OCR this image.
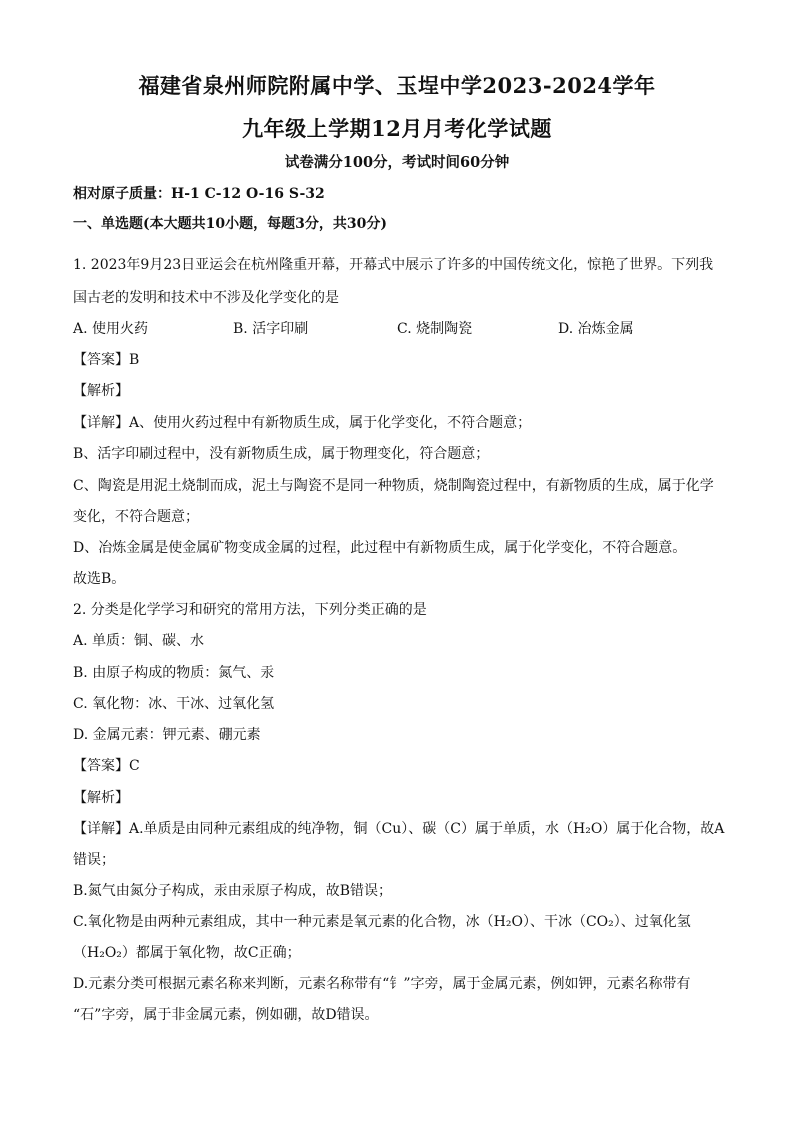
福建省泉州师院附属中学、玉埕中学2023-2024学年
九年级上学期12月月考化学试题
试卷满分100分，考试时间60分钟
相对原子质量：H-1 C-12 O-16 S-32
一、单选题(本大题共10小题，每题3分，共30分)
1. 2023年9月23日亚运会在杭州隆重开幕，开幕式中展示了许多的中国传统文化，惊艳了世界。下列我
国古老的发明和技术中不涉及化学变化的是
A. 使用火药	B. 活字印刷	C. 烧制陶瓷	D. 冶炼金属
【答案】B
【解析】
【详解】A、使用火药过程中有新物质生成，属于化学变化，不符合题意；
B、活字印刷过程中，没有新物质生成，属于物理变化，符合题意；
C、陶瓷是用泥土烧制而成，泥土与陶瓷不是同一种物质，烧制陶瓷过程中，有新物质的生成，属于化学
变化，不符合题意；
D、冶炼金属是使金属矿物变成金属的过程，此过程中有新物质生成，属于化学变化，不符合题意。
故选B。
2. 分类是化学学习和研究的常用方法，下列分类正确的是
A. 单质：铜、碳、水
B. 由原子构成的物质：氮气、汞
C. 氧化物：冰、干冰、过氧化氢
D. 金属元素：钾元素、硼元素
【答案】C
【解析】
【详解】A.单质是由同种元素组成的纯净物，铜（Cu）、碳（C）属于单质，水（H₂O）属于化合物，故A
错误；
B.氮气由氮分子构成，汞由汞原子构成，故B错误；
C.氧化物是由两种元素组成，其中一种元素是氧元素的化合物，冰（H₂O）、干冰（CO₂）、过氧化氢
（H₂O₂）都属于氧化物，故C正确；
D.元素分类可根据元素名称来判断，元素名称带有“钅”字旁，属于金属元素，例如钾，元素名称带有
“石”字旁，属于非金属元素，例如硼，故D错误。
